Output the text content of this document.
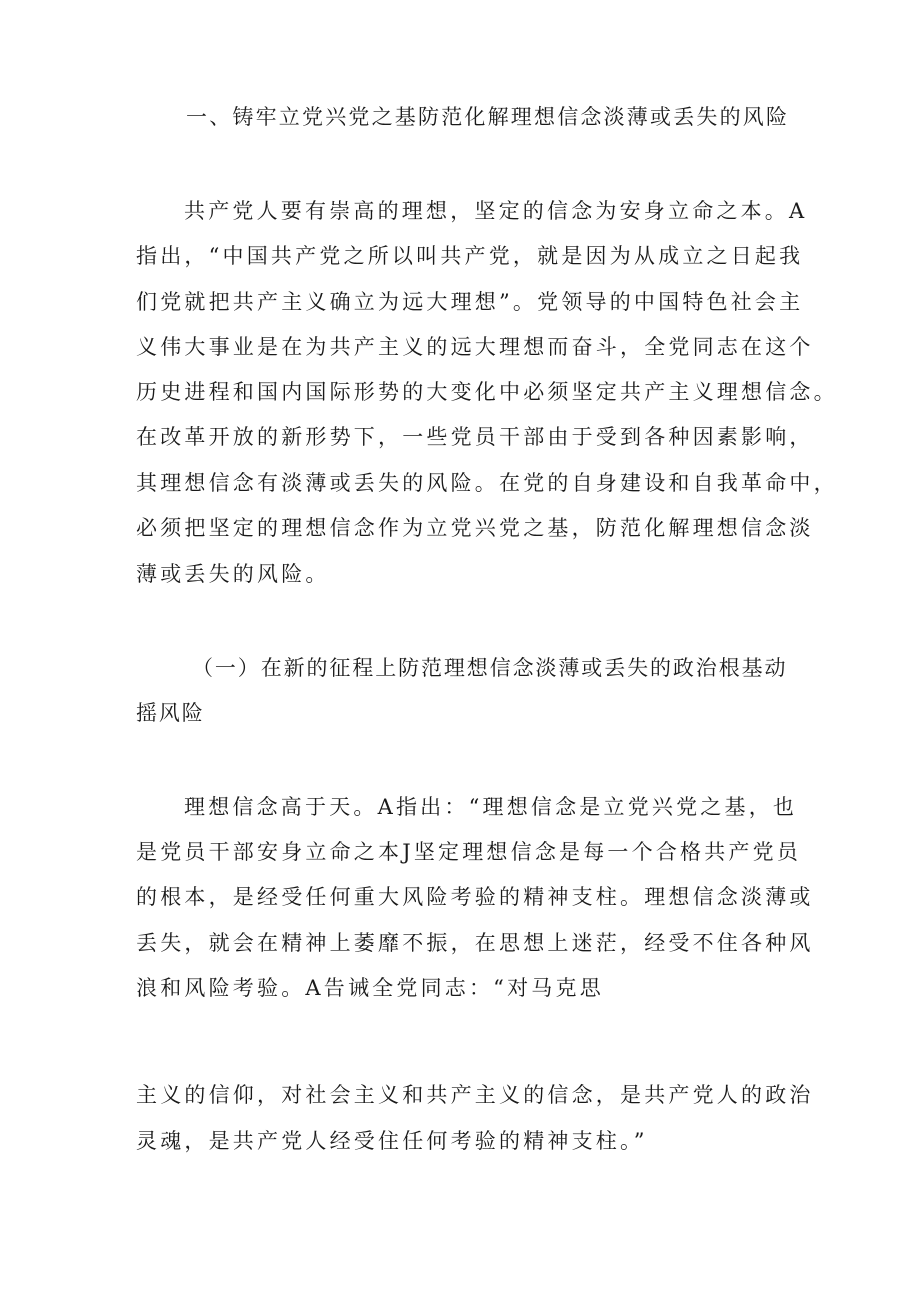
一、铸牢立党兴党之基防范化解理想信念淡薄或丢失的风险
共产党人要有崇高的理想，坚定的信念为安身立命之本。A
指出，“中国共产党之所以叫共产党，就是因为从成立之日起我
们党就把共产主义确立为远大理想”。党领导的中国特色社会主
义伟大事业是在为共产主义的远大理想而奋斗，全党同志在这个
历史进程和国内国际形势的大变化中必须坚定共产主义理想信念。
在改革开放的新形势下，一些党员干部由于受到各种因素影响，
其理想信念有淡薄或丢失的风险。在党的自身建设和自我革命中，
必须把坚定的理想信念作为立党兴党之基，防范化解理想信念淡
薄或丢失的风险。
（一）在新的征程上防范理想信念淡薄或丢失的政治根基动
摇风险
理想信念高于天。A指出：“理想信念是立党兴党之基，也
是党员干部安身立命之本J坚定理想信念是每一个合格共产党员
的根本，是经受任何重大风险考验的精神支柱。理想信念淡薄或
丢失，就会在精神上萎靡不振，在思想上迷茫，经受不住各种风
浪和风险考验。A告诫全党同志：“对马克思
主义的信仰，对社会主义和共产主义的信念，是共产党人的政治
灵魂，是共产党人经受住任何考验的精神支柱。”
